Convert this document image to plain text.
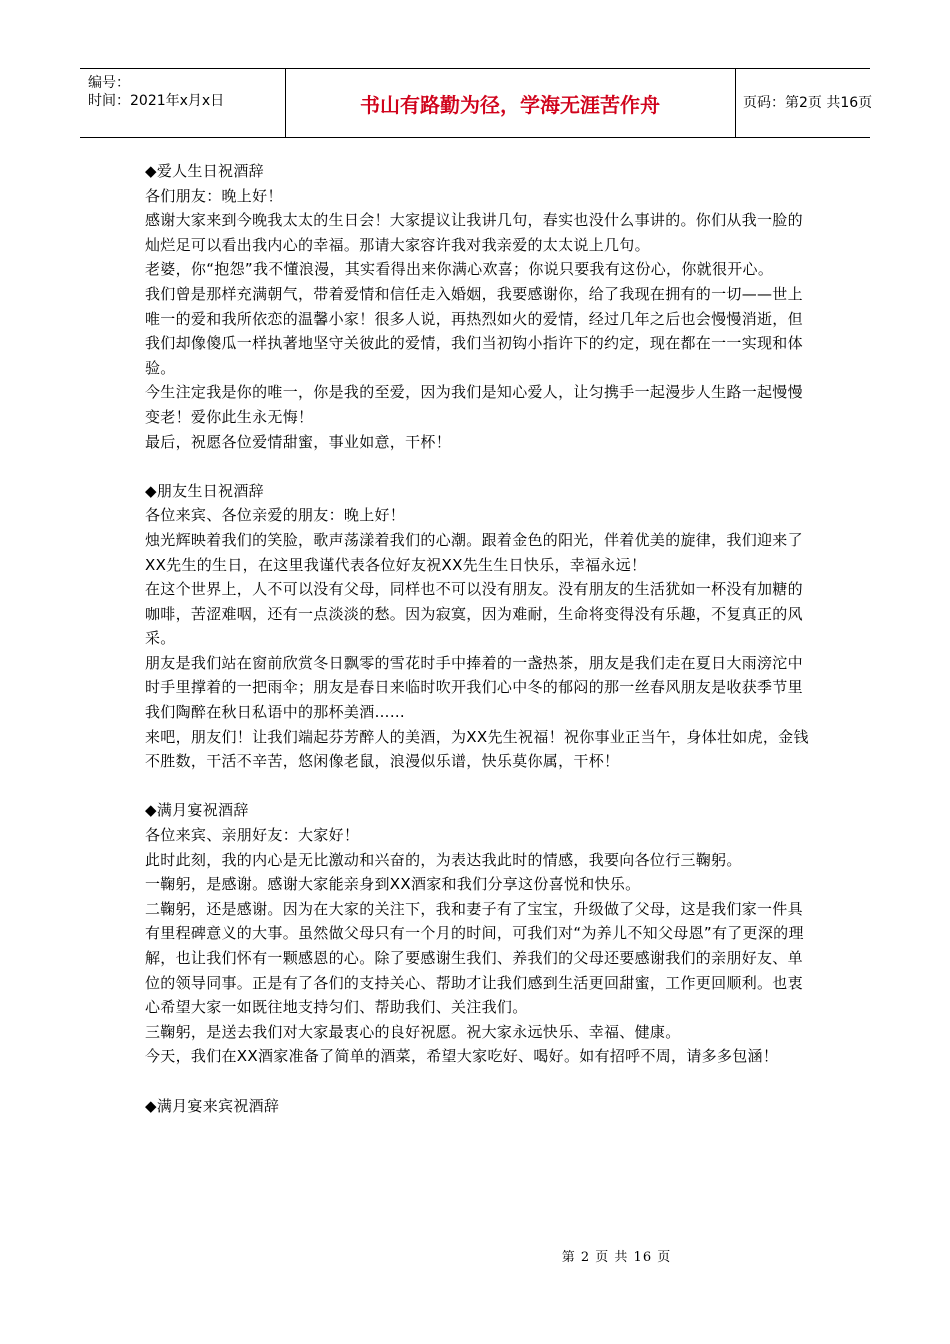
编号：
时间：2021年x月x日	书山有路勤为径，学海无涯苦作舟	页码：第2页 共16页

◆爱人生日祝酒辞

各们朋友：晚上好！

感谢大家来到今晚我太太的生日会！大家提议让我讲几句，春实也没什么事讲的。你们从我一脸的灿烂足可以看出我内心的幸福。那请大家容许我对我亲爱的太太说上几句。

老婆，你“抱怨”我不懂浪漫，其实看得出来你满心欢喜；你说只要我有这份心，你就很开心。

我们曾是那样充满朝气，带着爱情和信任走入婚姻，我要感谢你，给了我现在拥有的一切——世上唯一的爱和我所依恋的温馨小家！很多人说，再热烈如火的爱情，经过几年之后也会慢慢消逝，但我们却像傻瓜一样执著地坚守关彼此的爱情，我们当初钩小指许下的约定，现在都在一一实现和体验。

今生注定我是你的唯一，你是我的至爱，因为我们是知心爱人，让匀携手一起漫步人生路一起慢慢变老！爱你此生永无悔！

最后，祝愿各位爱情甜蜜，事业如意，干杯！

◆朋友生日祝酒辞

各位来宾、各位亲爱的朋友：晚上好！

烛光辉映着我们的笑脸，歌声荡漾着我们的心潮。跟着金色的阳光，伴着优美的旋律，我们迎来了XX先生的生日，在这里我谨代表各位好友祝XX先生生日快乐，幸福永远！

在这个世界上，人不可以没有父母，同样也不可以没有朋友。没有朋友的生活犹如一杯没有加糖的咖啡，苦涩难咽，还有一点淡淡的愁。因为寂寞，因为难耐，生命将变得没有乐趣，不复真正的风采。

朋友是我们站在窗前欣赏冬日飘零的雪花时手中捧着的一盏热茶，朋友是我们走在夏日大雨滂沱中时手里撑着的一把雨伞；朋友是春日来临时吹开我们心中冬的郁闷的那一丝春风朋友是收获季节里我们陶醉在秋日私语中的那杯美酒……

来吧，朋友们！让我们端起芬芳醉人的美酒，为XX先生祝福！祝你事业正当午，身体壮如虎，金钱不胜数，干活不辛苦，悠闲像老鼠，浪漫似乐谱，快乐莫你属，干杯！

◆满月宴祝酒辞

各位来宾、亲朋好友：大家好！

此时此刻，我的内心是无比激动和兴奋的，为表达我此时的情感，我要向各位行三鞠躬。

一鞠躬，是感谢。感谢大家能亲身到XX酒家和我们分享这份喜悦和快乐。

二鞠躬，还是感谢。因为在大家的关注下，我和妻子有了宝宝，升级做了父母，这是我们家一件具有里程碑意义的大事。虽然做父母只有一个月的时间，可我们对“为养儿不知父母恩”有了更深的理解，也让我们怀有一颗感恩的心。除了要感谢生我们、养我们的父母还要感谢我们的亲朋好友、单位的领导同事。正是有了各们的支持关心、帮助才让我们感到生活更回甜蜜，工作更回顺利。也衷心希望大家一如既往地支持匀们、帮助我们、关注我们。

三鞠躬，是送去我们对大家最衷心的良好祝愿。祝大家永远快乐、幸福、健康。

今天，我们在XX酒家准备了简单的酒菜，希望大家吃好、喝好。如有招呼不周，请多多包涵！

◆满月宴来宾祝酒辞

第 2 页 共 16 页
